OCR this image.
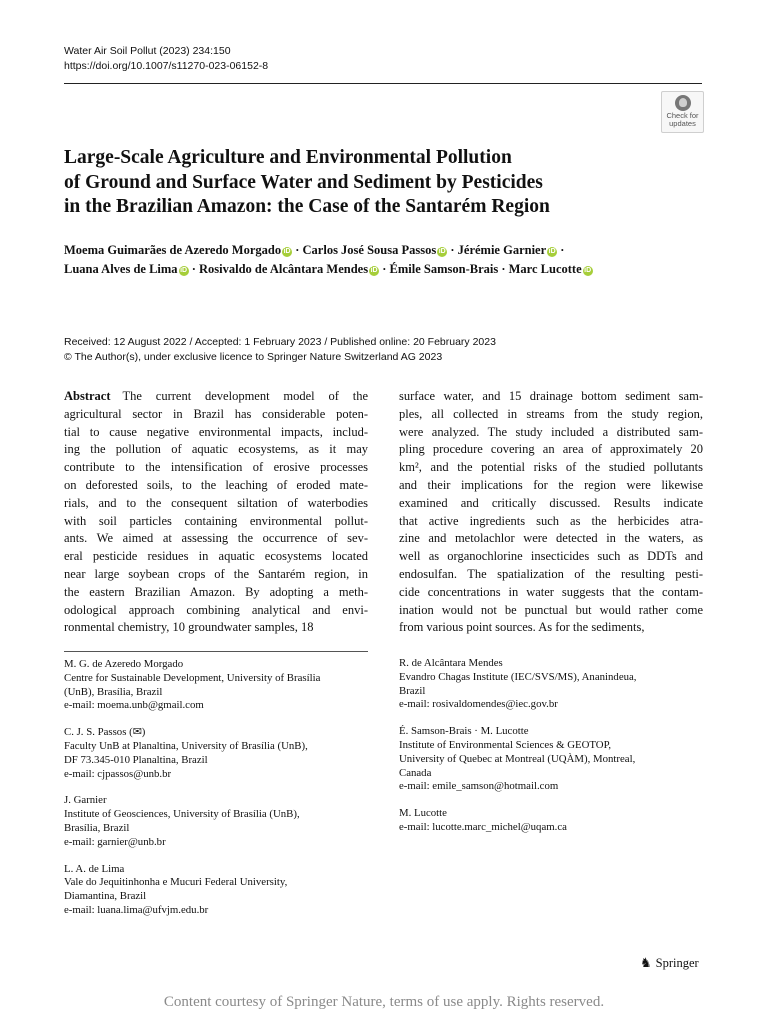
Water Air Soil Pollut (2023) 234:150
https://doi.org/10.1007/s11270-023-06152-8
Check for
updates
Large-Scale Agriculture and Environmental Pollution
of Ground and Surface Water and Sediment by Pesticides
in the Brazilian Amazon: the Case of the Santarém Region
Moema Guimarães de Azeredo Morgado iD · Carlos José Sousa Passos iD · Jérémie Garnier iD ·
Luana Alves de Lima iD · Rosivaldo de Alcântara Mendes iD · Émile Samson-Brais · Marc Lucotte iD
Received: 12 August 2022 / Accepted: 1 February 2023 / Published online: 20 February 2023
© The Author(s), under exclusive licence to Springer Nature Switzerland AG 2023
Abstract The current development model of the
agricultural sector in Brazil has considerable poten-
tial to cause negative environmental impacts, includ-
ing the pollution of aquatic ecosystems, as it may
contribute to the intensification of erosive processes
on deforested soils, to the leaching of eroded mate-
rials, and to the consequent siltation of waterbodies
with soil particles containing environmental pollut-
ants. We aimed at assessing the occurrence of sev-
eral pesticide residues in aquatic ecosystems located
near large soybean crops of the Santarém region, in
the eastern Brazilian Amazon. By adopting a meth-
odological approach combining analytical and envi-
ronmental chemistry, 10 groundwater samples, 18
surface water, and 15 drainage bottom sediment sam-
ples, all collected in streams from the study region,
were analyzed. The study included a distributed sam-
pling procedure covering an area of approximately 20
km², and the potential risks of the studied pollutants
and their implications for the region were likewise
examined and critically discussed. Results indicate
that active ingredients such as the herbicides atra-
zine and metolachlor were detected in the waters, as
well as organochlorine insecticides such as DDTs and
endosulfan. The spatialization of the resulting pesti-
cide concentrations in water suggests that the contam-
ination would not be punctual but would rather come
from various point sources. As for the sediments,
M. G. de Azeredo Morgado
Centre for Sustainable Development, University of Brasília
(UnB), Brasília, Brazil
e-mail: moema.unb@gmail.com
C. J. S. Passos (✉)
Faculty UnB at Planaltina, University of Brasília (UnB),
DF 73.345-010 Planaltina, Brazil
e-mail: cjpassos@unb.br
J. Garnier
Institute of Geosciences, University of Brasília (UnB),
Brasília, Brazil
e-mail: garnier@unb.br
L. A. de Lima
Vale do Jequitinhonha e Mucuri Federal University,
Diamantina, Brazil
e-mail: luana.lima@ufvjm.edu.br
R. de Alcântara Mendes
Evandro Chagas Institute (IEC/SVS/MS), Ananindeua,
Brazil
e-mail: rosivaldomendes@iec.gov.br
É. Samson-Brais · M. Lucotte
Institute of Environmental Sciences & GEOTOP,
University of Quebec at Montreal (UQÀM), Montreal,
Canada
e-mail: emile_samson@hotmail.com
M. Lucotte
e-mail: lucotte.marc_michel@uqam.ca
♞ Springer
Content courtesy of Springer Nature, terms of use apply. Rights reserved.
